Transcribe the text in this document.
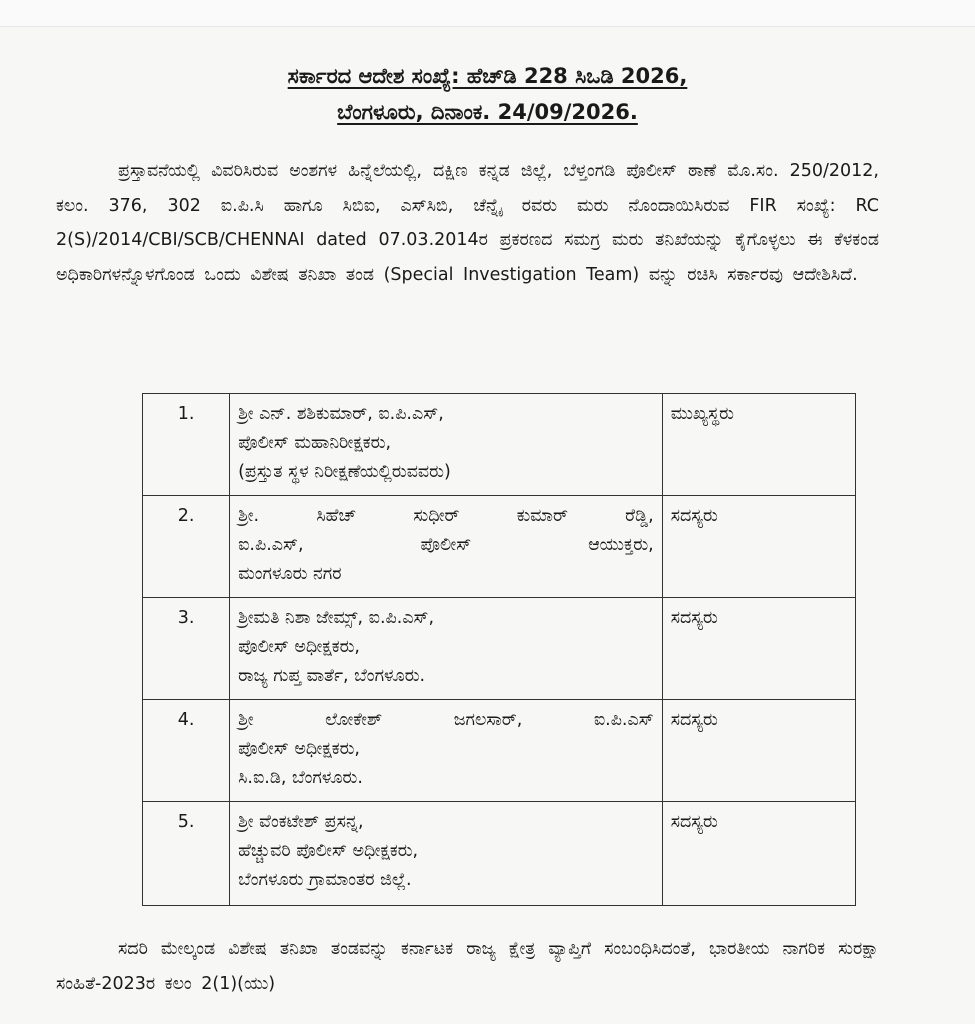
ಸರ್ಕಾರದ ಆದೇಶ ಸಂಖ್ಯೆ: ಹೆಚ್‌ಡಿ 228 ಸಿಒಡಿ 2026,
ಬೆಂಗಳೂರು, ದಿನಾಂಕ. 24/09/2026.
ಪ್ರಸ್ತಾವನೆಯಲ್ಲಿ ವಿವರಿಸಿರುವ ಅಂಶಗಳ ಹಿನ್ನೆಲೆಯಲ್ಲಿ, ದಕ್ಷಿಣ ಕನ್ನಡ ಜಿಲ್ಲೆ, ಬೆಳ್ತಂಗಡಿ ಪೊಲೀಸ್ ಠಾಣೆ ಮೊ.ಸಂ. 250/2012, ಕಲಂ. 376, 302 ಐ.ಪಿ.ಸಿ ಹಾಗೂ ಸಿಬಿಐ, ಎಸ್‌ಸಿಬಿ, ಚೆನ್ನೈ ರವರು ಮರು ನೊಂದಾಯಿಸಿರುವ FIR ಸಂಖ್ಯೆ: RC 2(S)/2014/CBI/SCB/CHENNAI dated 07.03.2014ರ ಪ್ರಕರಣದ ಸಮಗ್ರ ಮರು ತನಿಖೆಯನ್ನು ಕೈಗೊಳ್ಳಲು ಈ ಕೆಳಕಂಡ ಅಧಿಕಾರಿಗಳನ್ನೊಳಗೊಂಡ ಒಂದು ವಿಶೇಷ ತನಿಖಾ ತಂಡ (Special Investigation Team) ವನ್ನು ರಚಿಸಿ ಸರ್ಕಾರವು ಆದೇಶಿಸಿದೆ.
1.	ಶ್ರೀ ಎನ್. ಶಶಿಕುಮಾರ್, ಐ.ಪಿ.ಎಸ್,
ಪೊಲೀಸ್ ಮಹಾನಿರೀಕ್ಷಕರು,
(ಪ್ರಸ್ತುತ ಸ್ಥಳ ನಿರೀಕ್ಷಣೆಯಲ್ಲಿರುವವರು)	ಮುಖ್ಯಸ್ಥರು
2.	ಶ್ರೀ. ಸಿಹೆಚ್ ಸುಧೀರ್ ಕುಮಾರ್ ರೆಡ್ಡಿ,
ಐ.ಪಿ.ಎಸ್, ಪೊಲೀಸ್ ಆಯುಕ್ತರು,
ಮಂಗಳೂರು ನಗರ	ಸದಸ್ಯರು
3.	ಶ್ರೀಮತಿ ನಿಶಾ ಜೇಮ್ಸ್, ಐ.ಪಿ.ಎಸ್,
ಪೊಲೀಸ್ ಅಧೀಕ್ಷಕರು,
ರಾಜ್ಯ ಗುಪ್ತ ವಾರ್ತೆ, ಬೆಂಗಳೂರು.	ಸದಸ್ಯರು
4.	ಶ್ರೀ ಲೋಕೇಶ್ ಜಗಲಸಾರ್, ಐ.ಪಿ.ಎಸ್
ಪೊಲೀಸ್ ಅಧೀಕ್ಷಕರು,
ಸಿ.ಐ.ಡಿ, ಬೆಂಗಳೂರು.	ಸದಸ್ಯರು
5.	ಶ್ರೀ ವೆಂಕಟೇಶ್ ಪ್ರಸನ್ನ,
ಹೆಚ್ಚುವರಿ ಪೊಲೀಸ್ ಅಧೀಕ್ಷಕರು,
ಬೆಂಗಳೂರು ಗ್ರಾಮಾಂತರ ಜಿಲ್ಲೆ.	ಸದಸ್ಯರು
ಸದರಿ ಮೇಲ್ಕಂಡ ವಿಶೇಷ ತನಿಖಾ ತಂಡವನ್ನು ಕರ್ನಾಟಕ ರಾಜ್ಯ ಕ್ಷೇತ್ರ ವ್ಯಾಪ್ತಿಗೆ ಸಂಬಂಧಿಸಿದಂತೆ, ಭಾರತೀಯ ನಾಗರಿಕ ಸುರಕ್ಷಾ ಸಂಹಿತೆ-2023ರ ಕಲಂ 2(1)(ಯು)
